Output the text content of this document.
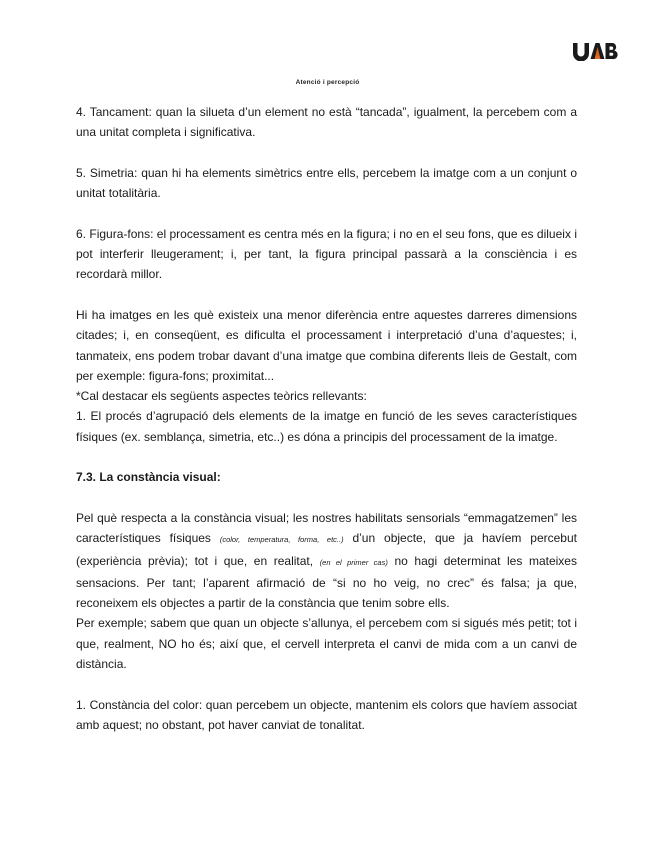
Atenció i percepció

4. Tancament: quan la silueta d’un element no està “tancada”, igualment, la percebem com a una unitat completa i significativa.

5. Simetria: quan hi ha elements simètrics entre ells, percebem la imatge com a un conjunt o unitat totalitària.

6. Figura-fons: el processament es centra més en la figura; i no en el seu fons, que es dilueix i pot interferir lleugerament; i, per tant, la figura principal passarà a la consciència i es recordarà millor.

Hi ha imatges en les què existeix una menor diferència entre aquestes darreres dimensions citades; i, en conseqüent, es dificulta el processament i interpretació d’una d’aquestes; i, tanmateix, ens podem trobar davant d’una imatge que combina diferents lleis de Gestalt, com per exemple: figura-fons; proximitat...

*Cal destacar els següents aspectes teòrics rellevants:

1. El procés d’agrupació dels elements de la imatge en funció de les seves característiques físiques (ex. semblança, simetria, etc..) es dóna a principis del processament de la imatge.

7.3. La constància visual:

Pel què respecta a la constància visual; les nostres habilitats sensorials “emmagatzemen” les característiques físiques (color, temperatura, forma, etc..) d’un objecte, que ja havíem percebut (experiència prèvia); tot i que, en realitat, (en el primer cas) no hagi determinat les mateixes sensacions. Per tant; l’aparent afirmació de “si no ho veig, no crec” és falsa; ja que, reconeixem els objectes a partir de la constància que tenim sobre ells.

Per exemple; sabem que quan un objecte s’allunya, el percebem com si sigués més petit; tot i que, realment, NO ho és; així que, el cervell interpreta el canvi de mida com a un canvi de distància.

1. Constància del color: quan percebem un objecte, mantenim els colors que havíem associat amb aquest; no obstant, pot haver canviat de tonalitat.
